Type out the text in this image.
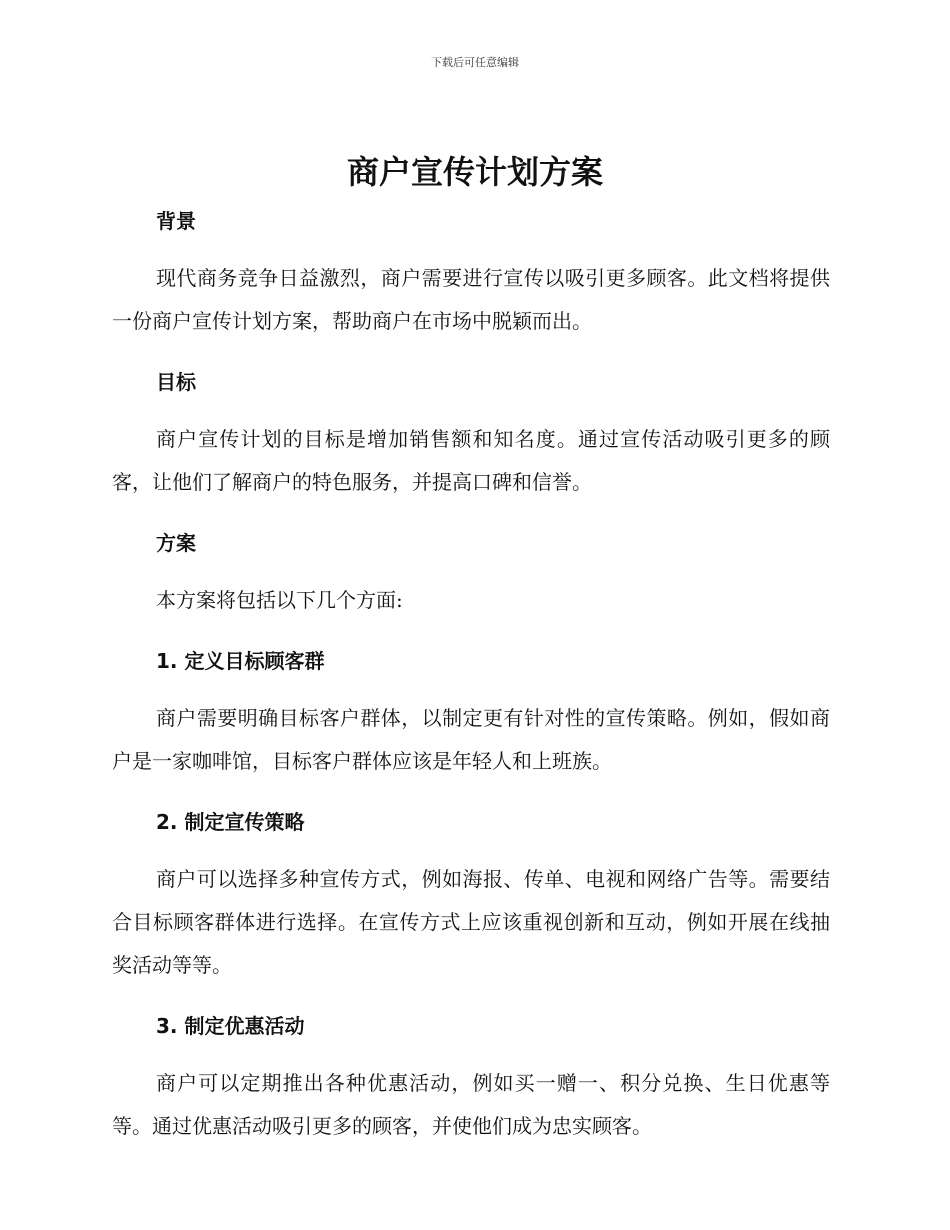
下载后可任意编辑
商户宣传计划方案
背景

现代商务竞争日益激烈，商户需要进行宣传以吸引更多顾客。此文档将提供一份商户宣传计划方案，帮助商户在市场中脱颖而出。

目标

商户宣传计划的目标是增加销售额和知名度。通过宣传活动吸引更多的顾客，让他们了解商户的特色服务，并提高口碑和信誉。

方案

本方案将包括以下几个方面:

1. 定义目标顾客群

商户需要明确目标客户群体，以制定更有针对性的宣传策略。例如，假如商户是一家咖啡馆，目标客户群体应该是年轻人和上班族。

2. 制定宣传策略

商户可以选择多种宣传方式，例如海报、传单、电视和网络广告等。需要结合目标顾客群体进行选择。在宣传方式上应该重视创新和互动，例如开展在线抽奖活动等等。

3. 制定优惠活动

商户可以定期推出各种优惠活动，例如买一赠一、积分兑换、生日优惠等等。通过优惠活动吸引更多的顾客，并使他们成为忠实顾客。
